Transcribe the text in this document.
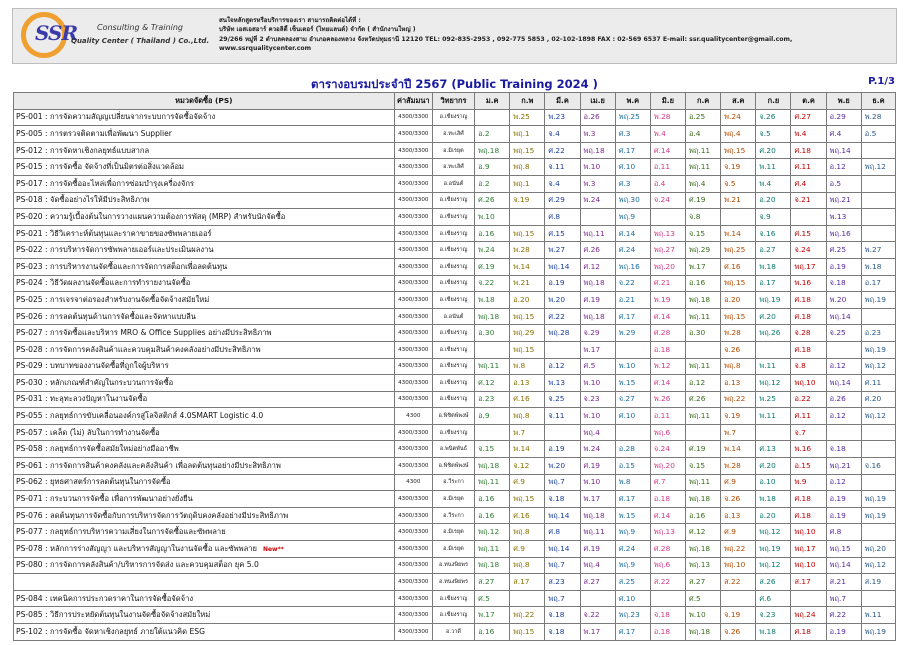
SSR Consulting & Training
Quality Center ( Thailand ) Co.,Ltd.
สนใจหลักสูตรหรือบริการของเรา สามารถติดต่อได้ที่ :
บริษัท เอสเอสอาร์ ควอลิตี้ เซ็นเตอร์ (ไทยแลนด์) จำกัด ( สำนักงานใหญ่ )
29/266 หมู่ที่ 2 ตำบลคลองสาม อำเภอคลองหลวง จังหวัดปทุมธานี 12120 TEL: 092-835-2953 , 092-775 5853 , 02-102-1898 FAX : 02-569 6537 E-mail: ssr.qualitycenter@gmail.com,
www.ssrqualitycenter.com
ตารางอบรมประจำปี 2567 (Public Training 2024 )	P.1/3
หมวดจัดซื้อ (PS)	ค่าสัมมนา	วิทยากร	ม.ค	ก.พ	มี.ค	เม.ย	พ.ค	มิ.ย	ก.ค	ส.ค	ก.ย	ต.ค	พ.ย	ธ.ค
PS-001 : การจัดความสัญญเปลี่ยนจากระบบการจัดซื้อจัดจ้าง	4300/3300	อ.เชียงราญ		พ.25	พ.23	อ.26	พฤ.25	พ.28	อ.25	พ.24	จ.26	ศ.27	อ.29	พ.28
PS-005 : การตรวจติดตามเพื่อพัฒนา Supplier	4300/3300	อ.ทะเลิศ์	อ.2	พฤ.1	จ.4	พ.3	ศ.3	พ.4	อ.4	พฤ.4	จ.5	พ.4	ศ.4	อ.5
PS-012 : การจัดหาเชิงกลยุทธ์แบบสากล	4300/3300	อ.มิเรยุต	พฤ.18	พฤ.15	ศ.22	พฤ.18	ศ.17	ศ.14	พฤ.11	พฤ.15	ศ.20	ศ.18	พฤ.14	
PS-015 : การจัดซื้อ จัดจ้างที่เป็นมิตรต่อสิ่งแวดล้อม	4300/3300	อ.ทะเลิศ์	อ.9	พฤ.8	จ.11	พ.10	ศ.10	อ.11	พฤ.11	จ.19	พ.11	ศ.11	อ.12	พฤ.12
PS-017 : การจัดซื้ออะไหล่เพื่อการซ่อมบำรุงเครื่องจักร	4300/3300	อ.อนันต์	อ.2	พฤ.1	จ.4	พ.3	ศ.3	อ.4	พฤ.4	จ.5	พ.4	ศ.4	อ.5	
PS-018 : จัดซื้ออย่างไรให้มีประสิทธิภาพ	4300/3300	อ.เชียงราญ	ศ.26	จ.19	ศ.29	พ.24	พฤ.30	จ.24	ศ.19	พ.21	อ.20	จ.21	พฤ.21	
PS-020 : ความรู้เบื้องต้นในการวางแผนความต้องการพัสดุ (MRP) สำหรับนักจัดซื้อ	4300/3300	อ.เชียงราญ	พ.10		ศ.8		พฤ.9		จ.8		จ.9		พ.13	
PS-021 : วิธีวิเคราะห์ต้นทุนและราคาขายของซัพพลายเออร์	4300/3300	อ.เชียงราญ	อ.16	พฤ.15	ศ.15	พฤ.11	ศ.14	พฤ.13	จ.15	พ.14	จ.16	ศ.15	พฤ.16	
PS-022 : การบริหารจัดการซัพพลายเออร์และประเมินผลงาน	4300/3300	อ.เชียงราญ	พ.24	พ.28	พ.27	ศ.26	ศ.24	พฤ.27	พฤ.29	พฤ.25	อ.27	จ.24	ศ.25	พ.27
PS-023 : การบริหารงานจัดซื้อและการจัดการสต็อกเพื่อลดต้นทุน	4300/3300	อ.เชียงราญ	ศ.19	พ.14	พฤ.14	ศ.12	พฤ.16	พฤ.20	พ.17	ศ.16	พ.18	พฤ.17	อ.19	พ.18
PS-024 : วิธีวัดผลงานจัดซื้อและการทำรายงานจัดซื้อ	4300/3300	อ.เชียงราญ	จ.22	พ.21	อ.19	พฤ.18	จ.22	ศ.21	อ.16	พฤ.15	อ.17	พ.16	จ.18	อ.17
PS-025 : การเจรจาต่อรองสำหรับงานจัดซื้อจัดจ้างสมัยใหม่	4300/3300	อ.เชียงราญ	พ.18	อ.20	พ.20	ศ.19	อ.21	พ.19	พฤ.18	อ.20	พฤ.19	ศ.18	พ.20	พฤ.19
PS-026 : การลดต้นทุนด้านการจัดซื้อและจัดหาแบบลีน	4300/3300	อ.อนันต์	พฤ.18	พฤ.15	ศ.22	พฤ.18	ศ.17	ศ.14	พฤ.11	พฤ.15	ศ.20	ศ.18	พฤ.14	
PS-027 : การจัดซื้อและบริหาร MRO & Office Supplies อย่างมีประสิทธิภาพ	4300/3300	อ.เชียงราญ	อ.30	พฤ.29	พฤ.28	จ.29	พ.29	ศ.28	อ.30	พ.28	พฤ.26	จ.28	จ.25	อ.23
PS-028 : การจัดการคลังสินค้าและควบคุมสินค้าคงคลังอย่างมีประสิทธิภาพ	4300/3300	อ.เชียงราญ		พฤ.15		พ.17		อ.18		จ.26		ศ.18		พฤ.19
PS-029 : บทบาทของงานจัดซื้อที่ถูกใจผู้บริหาร	4300/3300	อ.เชียงราญ	พฤ.11	พ.8	อ.12	ศ.5	พ.10	พ.12	พฤ.11	พฤ.8	พ.11	จ.8	อ.12	พฤ.12
PS-030 : หลักเกณฑ์สำคัญในกระบวนการจัดซื้อ	4300/3300	อ.เชียงราญ	ศ.12	อ.13	พ.13	พ.10	พ.15	ศ.14	อ.12	อ.13	พฤ.12	พฤ.10	พฤ.14	ศ.11
PS-031 : ทะลุทะลวงปัญหาในงานจัดซื้อ	4300/3300	อ.เชียงราญ	อ.23	ศ.16	จ.25	จ.23	จ.27	พ.26	ศ.26	พฤ.22	พ.25	อ.22	อ.26	ศ.20
PS-055 : กลยุทธ์การขับเคลื่อนองค์กรสู่โลจิสติกส์ 4.0SMART Logistic 4.0	4300	อ.พิชิตพ์พงษ์	อ.9	พฤ.8	จ.11	พ.10	ศ.10	อ.11	พฤ.11	จ.19	พ.11	ศ.11	อ.12	พฤ.12
PS-057 : เคล็ด (ไม่) ลับในการทำงานจัดซื้อ	4300/3300	อ.เชียงราญ		พ.7		พฤ.4		พฤ.6		พ.7		จ.7		
PS-058 : กลยุทธ์การจัดซื้อสมัยใหม่อย่างมืออาชีพ	4300/3300	อ.พนิตพันธ์	จ.15	พ.14	อ.19	พ.24	อ.28	จ.24	ศ.19	พ.14	ศ.13	พ.16	จ.18	
PS-061 : การจัดการสินค้าคงคลังและคลังสินค้า เพื่อลดต้นทุนอย่างมีประสิทธิภาพ	4300/3300	อ.พิชิตพ์พงษ์	พฤ.18	จ.12	พ.20	ศ.19	อ.15	พฤ.20	จ.15	พ.28	ศ.20	อ.15	พฤ.21	จ.16
PS-062 : ยุทธศาสตร์การลดต้นทุนในการจัดซื้อ	4300	อ.วีระกา	พฤ.11	ศ.9	พฤ.7	พ.10	พ.8	ศ.7	พฤ.11	ศ.9	อ.10	พ.9	อ.12	
PS-071 : กระบวนการจัดซื้อ เพื่อการพัฒนาอย่างยั่งยืน	4300/3300	อ.มิเรยุต	อ.16	พฤ.15	จ.18	พ.17	ศ.17	อ.18	พฤ.18	จ.26	พ.18	ศ.18	อ.19	พฤ.19
PS-076 : ลดต้นทุนการจัดซื้อกับการบริหารจัดการวัตถุดิบคงคลังอย่างมีประสิทธิภาพ	4300/3300	อ.วีระกา	อ.16	ศ.16	พฤ.14	พฤ.18	พ.15	ศ.14	อ.16	อ.13	อ.20	ศ.18	อ.19	พฤ.19
PS-077 : กลยุทธ์การบริหารความเสี่ยงในการจัดซื้อและซัพพลาย	4300/3300	อ.มิเรยุต	พฤ.12	พฤ.8	ศ.8	พฤ.11	พฤ.9	พฤ.13	ศ.12	ศ.9	พฤ.12	พฤ.10	ศ.8	
PS-078 : หลักการร่างสัญญา และบริหารสัญญาในงานจัดซื้อ และซัพพลาย New**	4300/3300	อ.มิเรยุต	พฤ.11	ศ.9	พฤ.14	ศ.19	ศ.24	ศ.28	พฤ.18	พฤ.22	พฤ.19	พฤ.17	พฤ.15	พฤ.20
PS-080 : การจัดการคลังสินค้า/บริหารการจัดส่ง และควบคุมสต็อก ยุค 5.0	4300/3300	อ.ทนงษิยพร	พฤ.18	พฤ.8	พฤ.7	พฤ.4	พฤ.9	พฤ.6	พฤ.13	พฤ.10	พฤ.12	พฤ.10	พฤ.14	พฤ.12
	4300/3300	อ.ทนงษิยพร	ส.27	ส.17	ส.23	ส.27	ส.25	ส.22	ส.27	ส.22	ส.26	ส.17	ส.21	ส.19
PS-084 : เทคนิคการประกวดราคาในการจัดซื้อจัดจ้าง	4300/3300	อ.เชียงราญ	ศ.5		พฤ.7		ศ.10		ศ.5		ศ.6		พฤ.7	
PS-085 : วิธีการประหยัดต้นทุนในงานจัดซื้อจัดจ้างสมัยใหม่	4300/3300	อ.เชียงราญ	พ.17	พฤ.22	จ.18	จ.22	พฤ.23	จ.18	พ.10	จ.19	จ.23	พฤ.24	ศ.22	พ.11
PS-102 : การจัดซื้อ จัดหาเชิงกลยุทธ์ ภายใต้แนวคิด ESG	4300/3300	อ.วาดี	อ.16	พฤ.15	จ.18	พ.17	ศ.17	อ.18	พฤ.18	จ.26	พ.18	ศ.18	อ.19	พฤ.19
